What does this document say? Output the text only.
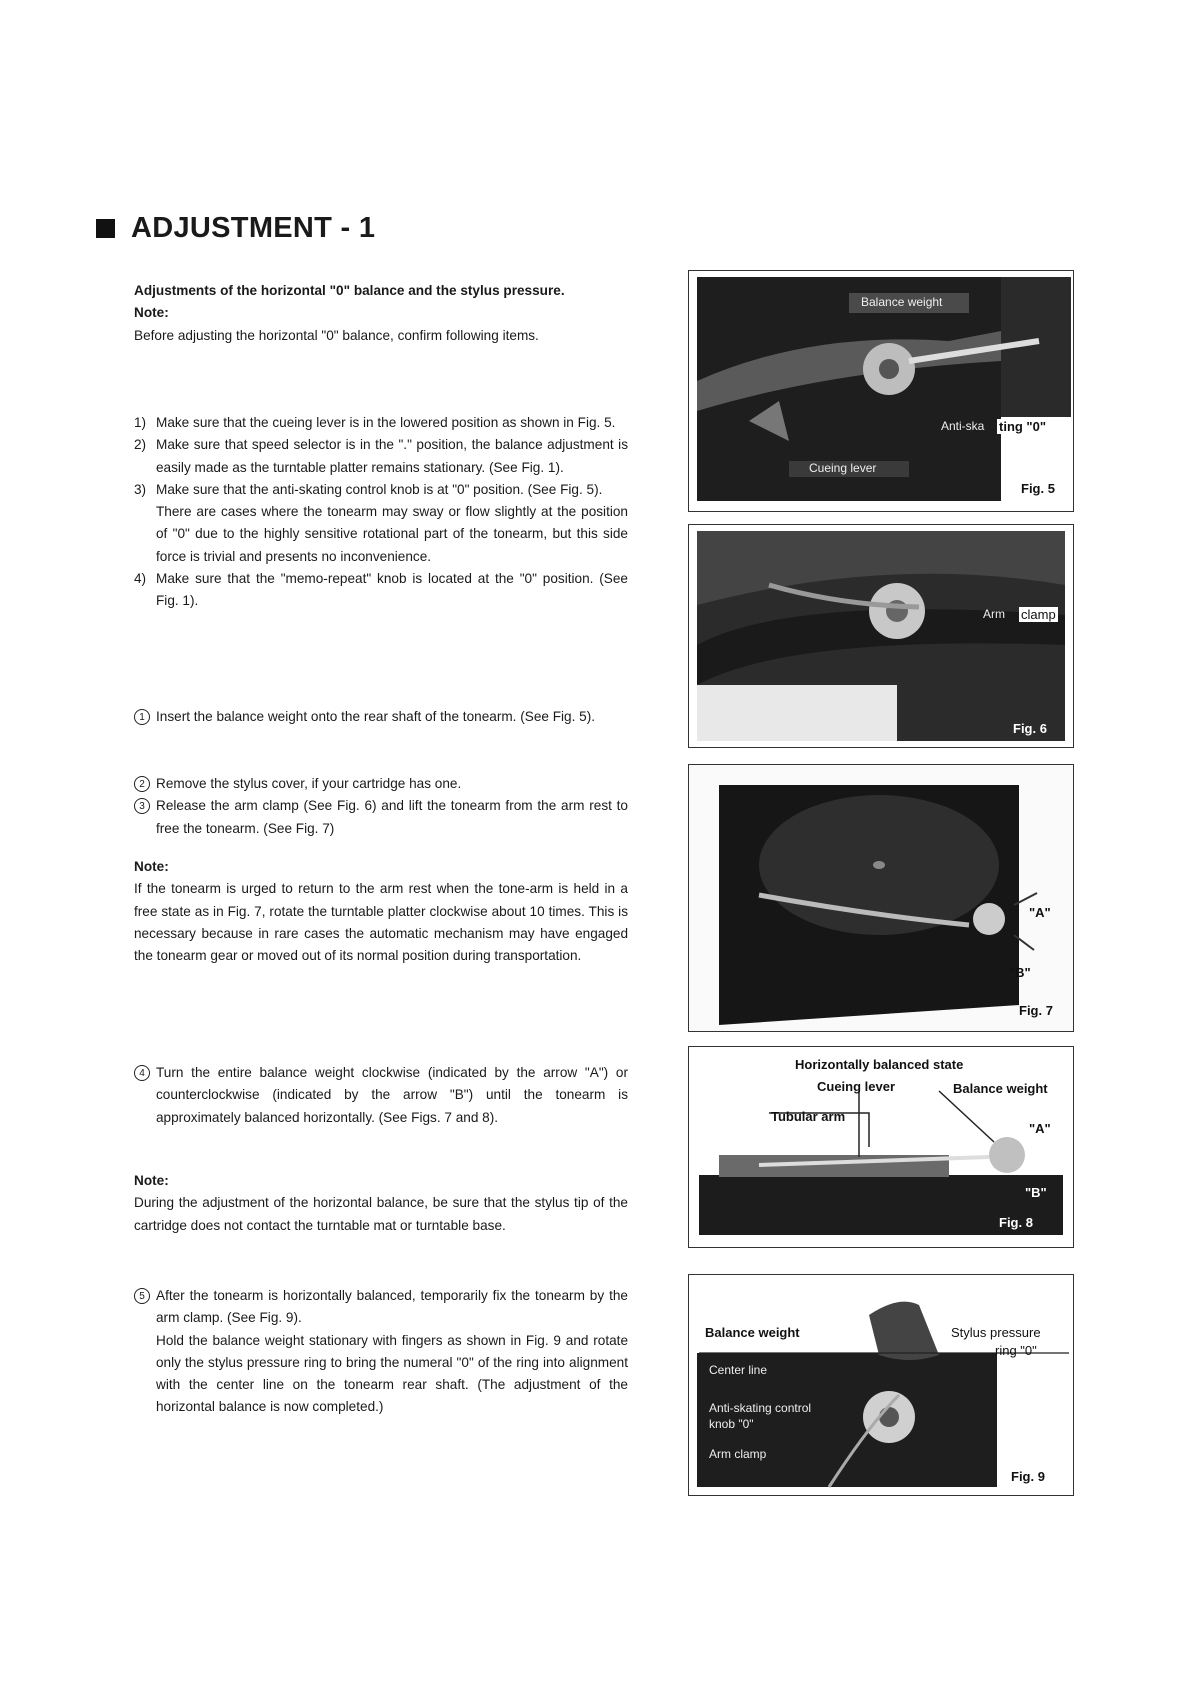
ADJUSTMENT - 1

Adjustments of the horizontal "0" balance and the stylus pressure.

Note:

Before adjusting the horizontal "0" balance, confirm following items.

1) Make sure that the cueing lever is in the lowered position as shown in Fig. 5.
2) Make sure that speed selector is in the "." position, the balance adjustment is easily made as the turntable platter remains stationary. (See Fig. 1).
3) Make sure that the anti-skating control knob is at "0" position. (See Fig. 5).
There are cases where the tonearm may sway or flow slightly at the position of "0" due to the highly sensitive rotational part of the tonearm, but this side force is trivial and presents no inconvenience.
4) Make sure that the "memo-repeat" knob is located at the "0" position. (See Fig. 1).
1 Insert the balance weight onto the rear shaft of the tonearm. (See Fig. 5).
2 Remove the stylus cover, if your cartridge has one.
3 Release the arm clamp (See Fig. 6) and lift the tonearm from the arm rest to free the tonearm. (See Fig. 7)

Note:

If the tonearm is urged to return to the arm rest when the tone-arm is held in a free state as in Fig. 7, rotate the turntable platter clockwise about 10 times. This is necessary because in rare cases the automatic mechanism may have engaged the tonearm gear or moved out of its normal position during transportation.

4 Turn the entire balance weight clockwise (indicated by the arrow "A") or counterclockwise (indicated by the arrow "B") until the tonearm is approximately balanced horizontally. (See Figs. 7 and 8).

Note:

During the adjustment of the horizontal balance, be sure that the stylus tip of the cartridge does not contact the turntable mat or turntable base.

5 After the tonearm is horizontally balanced, temporarily fix the tonearm by the arm clamp. (See Fig. 9).
Hold the balance weight stationary with fingers as shown in Fig. 9 and rotate only the stylus pressure ring to bring the numeral "0" of the ring into alignment with the center line on the tonearm rear shaft. (The adjustment of the horizontal balance is now completed.)
Balance weight
Anti-ska ting "0"
Cueing lever
Fig. 5
Arm clamp
Fig. 6
"A"
"B"
Fig. 7
Horizontally balanced state
Cueing lever	Balance weight
Tubular arm
"A"
"B"
Fig. 8
Balance weight	Stylus pressure
ring "0"
Center line
Anti-skating control
knob "0"
Arm clamp
Fig. 9
